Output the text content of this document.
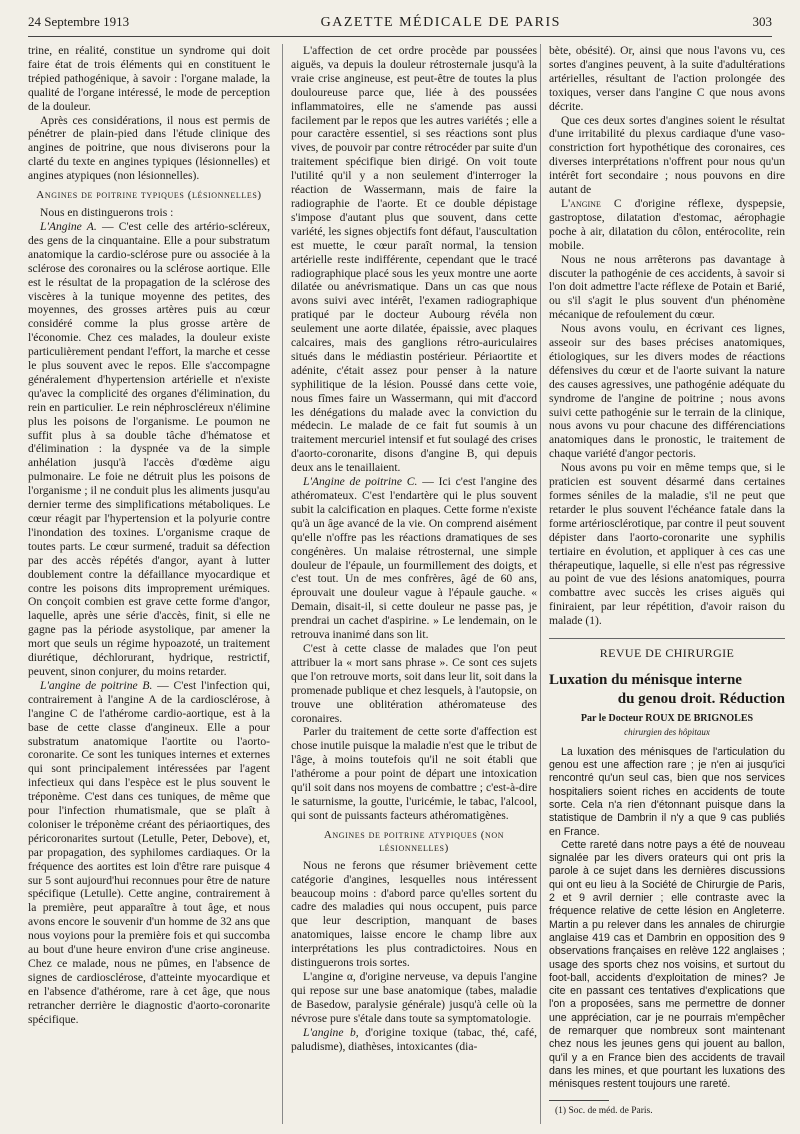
24 Septembre 1913	GAZETTE MÉDICALE DE PARIS	303

trine, en réalité, constitue un syndrome qui doit faire état de trois éléments qui en constituent le trépied pathogénique, à savoir : l'organe malade, la qualité de l'organe intéressé, le mode de perception de la douleur.

Après ces considérations, il nous est permis de pénétrer de plain-pied dans l'étude clinique des angines de poitrine, que nous diviserons pour la clarté du texte en angines typiques (lésionnelles) et angines atypiques (non lésionnelles).

Angines de poitrine typiques (lésionnelles)

Nous en distinguerons trois :

L'Angine A. — C'est celle des artério-scléreux, des gens de la cinquantaine. Elle a pour substratum anatomique la cardio-sclérose pure ou associée à la sclérose des coronaires ou la sclérose aortique. Elle est le résultat de la propagation de la sclérose des viscères à la tunique moyenne des petites, des moyennes, des grosses artères puis au cœur considéré comme la plus grosse artère de l'économie. Chez ces malades, la douleur existe particulièrement pendant l'effort, la marche et cesse le plus souvent avec le repos. Elle s'accompagne généralement d'hypertension artérielle et n'existe qu'avec la complicité des organes d'élimination, du rein en particulier. Le rein néphroscléreux n'élimine plus les poisons de l'organisme. Le poumon ne suffit plus à sa double tâche d'hématose et d'élimination : la dyspnée va de la simple anhélation jusqu'à l'accès d'œdème aigu pulmonaire. Le foie ne détruit plus les poisons de l'organisme ; il ne conduit plus les aliments jusqu'au dernier terme des simplifications métaboliques. Le cœur réagit par l'hypertension et la polyurie contre l'inondation des toxines. L'organisme craque de toutes parts. Le cœur surmené, traduit sa défection par des accès répétés d'angor, ayant à lutter doublement contre la défaillance myocardique et contre les poisons dits improprement urémiques. On conçoit combien est grave cette forme d'angor, laquelle, après une série d'accès, finit, si elle ne gagne pas la période asystolique, par amener la mort que seuls un régime hypoazoté, un traitement diurétique, déchlorurant, hydrique, restrictif, peuvent, sinon conjurer, du moins retarder.

L'angine de poitrine B. — C'est l'infection qui, contrairement à l'angine A de la cardiosclérose, à l'angine C de l'athérome cardio-aortique, est à la base de cette classe d'angineux. Elle a pour substratum anatomique l'aortite ou l'aorto-coronarite. Ce sont les tuniques internes et externes qui sont principalement intéressées par l'agent infectieux qui dans l'espèce est le plus souvent le tréponème. C'est dans ces tuniques, de même que pour l'infection rhumatismale, que se plaît à coloniser le tréponème créant des périaortiques, des péricoronarites surtout (Letulle, Peter, Debove), et, par propagation, des syphilomes cardiaques. Or la fréquence des aortites est loin d'être rare puisque 4 sur 5 sont aujourd'hui reconnues pour être de nature spécifique (Letulle). Cette angine, contrairement à la première, peut apparaître à tout âge, et nous avons encore le souvenir d'un homme de 32 ans que nous voyions pour la première fois et qui succomba au bout d'une heure environ d'une crise angineuse. Chez ce malade, nous ne pûmes, en l'absence de signes de cardiosclérose, d'atteinte myocardique et en l'absence d'athérome, rare à cet âge, que nous retrancher derrière le diagnostic d'aorto-coronarite spécifique.

L'affection de cet ordre procède par poussées aiguës, va depuis la douleur rétrosternale jusqu'à la vraie crise angineuse, est peut-être de toutes la plus douloureuse parce que, liée à des poussées inflammatoires, elle ne s'amende pas aussi facilement par le repos que les autres variétés ; elle a pour caractère essentiel, si ses réactions sont plus vives, de pouvoir par contre rétrocéder par suite d'un traitement spécifique bien dirigé. On voit toute l'utilité qu'il y a non seulement d'interroger la réaction de Wassermann, mais de faire la radiographie de l'aorte. Et ce double dépistage s'impose d'autant plus que souvent, dans cette variété, les signes objectifs font défaut, l'auscultation est muette, le cœur paraît normal, la tension artérielle reste indifférente, cependant que le tracé radiographique placé sous les yeux montre une aorte dilatée ou anévrismatique. Dans un cas que nous avons suivi avec intérêt, l'examen radiographique pratiqué par le docteur Aubourg révéla non seulement une aorte dilatée, épaissie, avec plaques calcaires, mais des ganglions rétro-auriculaires situés dans le médiastin postérieur. Périaortite et adénite, c'était assez pour penser à la nature syphilitique de la lésion. Poussé dans cette voie, nous fîmes faire un Wassermann, qui mit d'accord les dénégations du malade avec la conviction du médecin. Le malade de ce fait fut soumis à un traitement mercuriel intensif et fut soulagé des crises d'aorto-coronarite, disons d'angine B, qui depuis deux ans le tenaillaient.

L'Angine de poitrine C. — Ici c'est l'angine des athéromateux. C'est l'endartère qui le plus souvent subit la calcification en plaques. Cette forme n'existe qu'à un âge avancé de la vie. On comprend aisément qu'elle n'offre pas les réactions dramatiques de ses congénères. Un malaise rétrosternal, une simple douleur de l'épaule, un fourmillement des doigts, et c'est tout. Un de mes confrères, âgé de 60 ans, éprouvait une douleur vague à l'épaule gauche. « Demain, disait-il, si cette douleur ne passe pas, je prendrai un cachet d'aspirine. » Le lendemain, on le retrouva inanimé dans son lit.

C'est à cette classe de malades que l'on peut attribuer la « mort sans phrase ». Ce sont ces sujets que l'on retrouve morts, soit dans leur lit, soit dans la promenade publique et chez lesquels, à l'autopsie, on trouve une oblitération athéromateuse des coronaires.

Parler du traitement de cette sorte d'affection est chose inutile puisque la maladie n'est que le tribut de l'âge, à moins toutefois qu'il ne soit établi que l'athérome a pour point de départ une intoxication qu'il soit dans nos moyens de combattre ; c'est-à-dire le saturnisme, la goutte, l'uricémie, le tabac, l'alcool, qui sont de puissants facteurs athéromatigènes.

Angines de poitrine atypiques (non lésionnelles)

Nous ne ferons que résumer brièvement cette catégorie d'angines, lesquelles nous intéressent beaucoup moins : d'abord parce qu'elles sortent du cadre des maladies qui nous occupent, puis parce que leur description, manquant de bases anatomiques, laisse encore le champ libre aux interprétations les plus contradictoires. Nous en distinguerons trois sortes.

L'angine α, d'origine nerveuse, va depuis l'angine qui repose sur une base anatomique (tabes, maladie de Basedow, paralysie générale) jusqu'à celle où la névrose pure s'étale dans toute sa symptomatologie.

L'angine b, d'origine toxique (tabac, thé, café, paludisme), diathèses, intoxicantes (dia-

bète, obésité). Or, ainsi que nous l'avons vu, ces sortes d'angines peuvent, à la suite d'adultérations artérielles, résultant de l'action prolongée des toxiques, verser dans l'angine C que nous avons décrite.

Que ces deux sortes d'angines soient le résultat d'une irritabilité du plexus cardiaque d'une vaso-constriction fort hypothétique des coronaires, ces diverses interprétations n'offrent pour nous qu'un intérêt fort secondaire ; nous pouvons en dire autant de

L'angine C d'origine réflexe, dyspepsie, gastroptose, dilatation d'estomac, aérophagie poche à air, dilatation du côlon, entérocolite, rein mobile.

Nous ne nous arrêterons pas davantage à discuter la pathogénie de ces accidents, à savoir si l'on doit admettre l'acte réflexe de Potain et Barié, ou s'il s'agit le plus souvent d'un phénomène mécanique de refoulement du cœur.

Nous avons voulu, en écrivant ces lignes, asseoir sur des bases précises anatomiques, étiologiques, sur les divers modes de réactions défensives du cœur et de l'aorte suivant la nature des causes agressives, une pathogénie adéquate du syndrome de l'angine de poitrine ; nous avons suivi cette pathogénie sur le terrain de la clinique, nous avons vu pour chacune des différenciations anatomiques dans le pronostic, le traitement de chaque variété d'angor pectoris.

Nous avons pu voir en même temps que, si le praticien est souvent désarmé dans certaines formes séniles de la maladie, s'il ne peut que retarder le plus souvent l'échéance fatale dans la forme artériosclérotique, par contre il peut souvent dépister dans l'aorto-coronarite une syphilis tertiaire en évolution, et appliquer à ces cas une thérapeutique, laquelle, si elle n'est pas régressive au point de vue des lésions anatomiques, pourra combattre avec succès les crises aiguës qui finiraient, par leur répétition, d'avoir raison du malade (1).

REVUE DE CHIRURGIE
Luxation du ménisque interne
du genou droit. Réduction
Par le Docteur ROUX DE BRIGNOLES
chirurgien des hôpitaux

La luxation des ménisques de l'articulation du genou est une affection rare ; je n'en ai jusqu'ici rencontré qu'un seul cas, bien que nos services hospitaliers soient riches en accidents de toute sorte. Cela n'a rien d'étonnant puisque dans la statistique de Dambrin il n'y a que 9 cas publiés en France.

Cette rareté dans notre pays a été de nouveau signalée par les divers orateurs qui ont pris la parole à ce sujet dans les dernières discussions qui ont eu lieu à la Société de Chirurgie de Paris, 2 et 9 avril dernier ; elle contraste avec la fréquence relative de cette lésion en Angleterre. Martin a pu relever dans les annales de chirurgie anglaise 419 cas et Dambrin en opposition des 9 observations françaises en relève 122 anglaises ; usage des sports chez nos voisins, et surtout du foot-ball, accidents d'exploitation de mines? Je cite en passant ces tentatives d'explications que l'on a proposées, sans me permettre de donner une appréciation, car je ne pourrais m'empêcher de remarquer que nombreux sont maintenant chez nous les jeunes gens qui jouent au ballon, qu'il y a en France bien des accidents de travail dans les mines, et que pourtant les luxations des ménisques restent toujours une rareté.

(1) Soc. de méd. de Paris.
